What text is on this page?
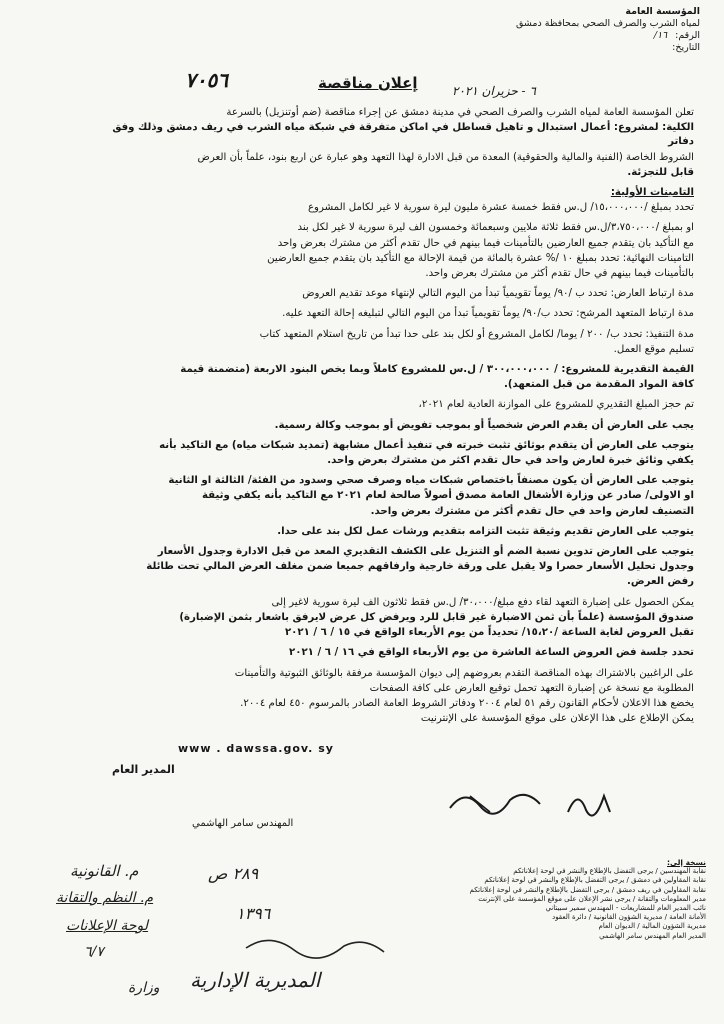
المؤسسة العامة
لمياه الشرب والصرف الصحي بمحافظة دمشق
الرقم:
١٦/
التاريخ:
٧٠٥٦	إعلان مناقصة	٦ - حزيران ٢٠٢١

تعلن المؤسسة العامة لمياه الشرب والصرف الصحي في مدينة دمشق عن إجراء مناقصة (ضم أوتنزيل) بالسرعة

الكلية: لمشروع: أعمال استبدال و تاهيل قساطل في اماكن متفرقة في شبكة مياه الشرب في ريف دمشق وذلك وفق دفاتر

الشروط الخاصة (الفنية والمالية والحقوقية) المعدة من قبل الادارة لهذا التعهد وهو عبارة عن اربع بنود، علماً بأن العرض

قابل للتجزئة.

التامينات الأولية:

تحدد بمبلغ /١٥،٠٠٠،٠٠٠/ ل.س فقط خمسة عشرة مليون ليرة سورية لا غير لكامل المشروع

او بمبلغ /٣،٧٥٠،٠٠٠/ل.س فقط ثلاثة ملايين وسبعمائة وخمسون الف ليرة سورية لا غير لكل بند

مع التأكيد بان يتقدم جميع العارضين بالتأمينات فيما بينهم في حال تقدم أكثر من مشترك بعرض واحد

التامينات النهائية: تحدد بمبلغ ١٠ /% عشرة بالمائة من قيمة الإحالة مع التأكيد بان يتقدم جميع العارضين

بالتأمينات فيما بينهم في حال تقدم أكثر من مشترك بعرض واحد.

مدة ارتباط العارض: تحدد ب /٩٠/ يوماً تقويمياً تبدأ من اليوم التالي لإنتهاء موعد تقديم العروض

مدة ارتباط المتعهد المرشح: تحدد ب/٩٠/ يوماً تقويمياً تبدأ من اليوم التالي لتبليغه إحالة التعهد عليه.

مدة التنفيذ: تحدد ب/ ٢٠٠ / يوما/ لكامل المشروع أو لكل بند على حدا تبدأ من تاريخ استلام المتعهد كتاب

تسليم موقع العمل.

القيمة التقديرية للمشروع: / ٣٠٠،٠٠٠،٠٠٠ / ل.س للمشروع كاملاً وبما يخص البنود الاربعة (متضمنة قيمة

كافة المواد المقدمة من قبل المتعهد).

تم حجز المبلغ التقديري للمشروع على الموازنة العادية لعام ٢٠٢١،

يجب على العارض أن يقدم العرض شخصياً أو بموجب تفويض أو بموجب وكالة رسمية.

يتوجب على العارض أن يتقدم بوثائق تثبت خبرته في تنفيذ أعمال مشابهة (تمديد شبكات مياه) مع التاكيد بأنه

يكفي وثائق خبرة لعارض واحد في حال تقدم اكثر من مشترك بعرض واحد.

يتوجب على العارض أن يكون مصنفاً باختصاص شبكات مياه وصرف صحي وسدود من الفئة/ الثالثة او الثانية

او الاولى/ صادر عن وزارة الأشغال العامة مصدق أصولاً صالحة لعام ٢٠٢١ مع التاكيد بأنه يكفي وثيقة

التصنيف لعارض واحد في حال تقدم أكثر من مشترك بعرض واحد.

يتوجب على العارض تقديم وثيقة تثبت التزامه بتقديم ورشات عمل لكل بند على حدا.

يتوجب على العارض تدوين نسبة الضم أو التنزيل على الكشف التقديري المعد من قبل الادارة وجدول الأسعار

وجدول تحليل الأسعار حصرا ولا يقبل على ورقة خارجية وارفاقهم جميعا ضمن مغلف العرض المالي تحت طائلة

رفض العرض.

يمكن الحصول على إضبارة التعهد لقاء دفع مبلغ/٣٠،٠٠٠/ ل.س فقط ثلاثون الف ليرة سورية لاغير إلى

صندوق المؤسسة (علماً بأن ثمن الاضبارة غير قابل للرد ويرفض كل عرض لايرفق باشعار بثمن الإضبارة)

تقبل العروض لغاية الساعة /١٥،٢٠/ تحديداً من يوم الأربعاء الواقع في ١٥ / ٦ / ٢٠٢١

تحدد جلسة فض العروض الساعة العاشرة من يوم الأربعاء الواقع في ١٦ / ٦ / ٢٠٢١

على الراغبين بالاشتراك بهذه المناقصة التقدم بعروضهم إلى ديوان المؤسسة مرفقة بالوثائق الثبوتية والتأمينات

المطلوبة مع نسخة عن إضبارة التعهد تحمل توقيع العارض على كافة الصفحات

يخضع هذا الاعلان لأحكام القانون رقم ٥١ لعام ٢٠٠٤ ودفاتر الشروط العامة الصادر بالمرسوم ٤٥٠ لعام ٢٠٠٤.

يمكن الإطلاع على هذا الإعلان على موقع المؤسسة على الإنترنيت

www . dawssa.gov. sy
المدير العام
المهندس سامر الهاشمي
نسخة إلى:
نقابة المهندسين / يرجى التفضل بالإطلاع والنشر في لوحة إعلاناتكم
نقابة المقاولين في دمشق / يرجى التفضل بالإطلاع والنشر في لوحة إعلاناتكم
نقابة المقاولين في ريف دمشق / يرجى التفضل بالإطلاع والنشر في لوحة إعلاناتكم
مدير المعلومات والتقانة / يرجى نشر الإعلان على موقع المؤسسة على الإنترنت
نائب المدير العام للمشاريعات - المهندس سمير سبيتاني
الأمانة العامة / مديرية الشؤون القانونية / دائرة العقود
مديرية الشؤون المالية / الديوان العام
المدير العام المهندس سامر الهاشمي
م. القانونية	٢٨٩ ص
م. النظم والتقانة
لوحة الإعلانات
١٣٩٦
٦/٧
وزارة المديرية الإدارية
